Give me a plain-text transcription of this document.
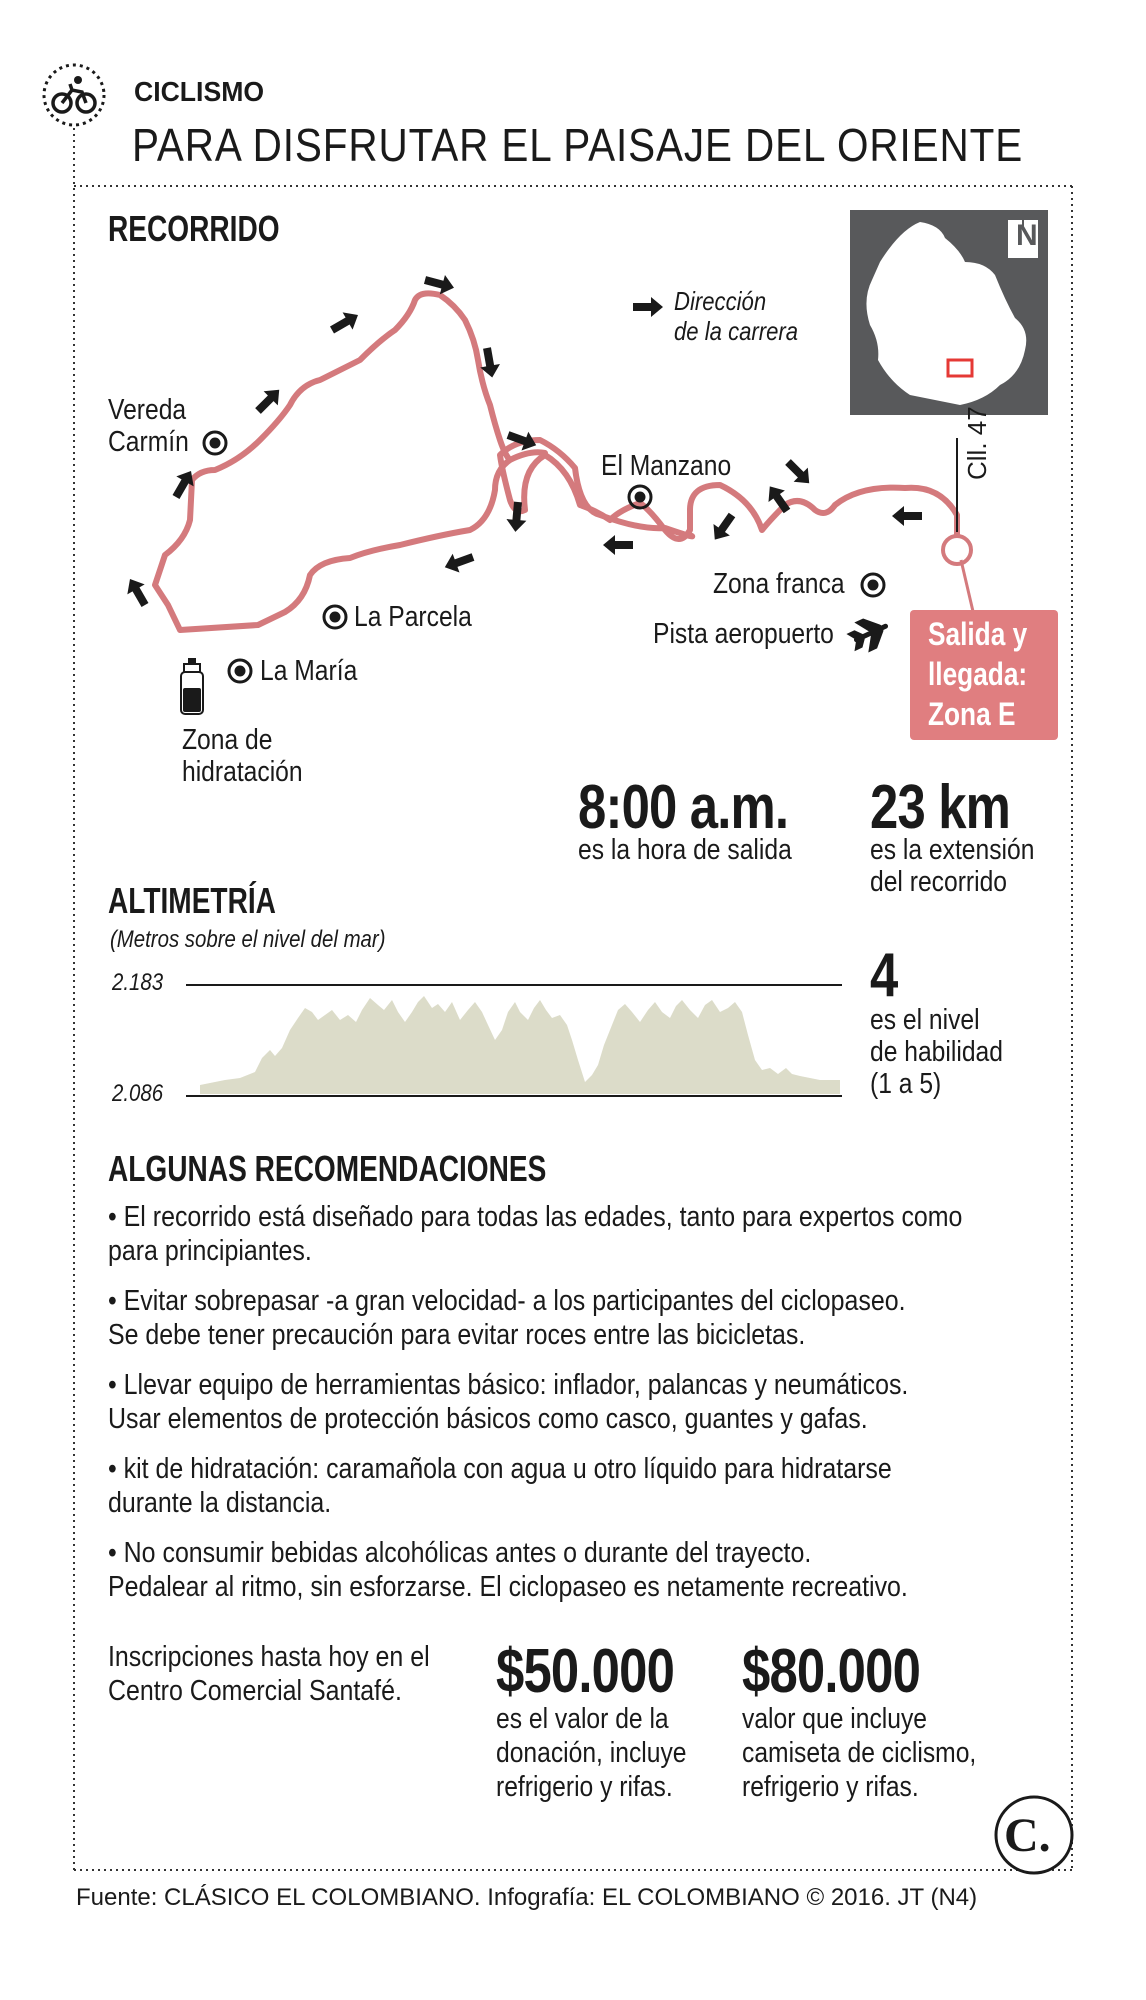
CICLISMO
PARA DISFRUTAR EL PAISAJE DEL ORIENTE
RECORRIDO
Dirección
de la carrera
N
Cll. 47
Vereda
Carmín
El Manzano
Zona franca
Pista aeropuerto
La Parcela
La María
Zona de
hidratación
Salida y
llegada:
Zona E
8:00 a.m.
es la hora de salida
23 km
es la extensión
del recorrido
ALTIMETRÍA
(Metros sobre el nivel del mar)
2.183
2.086
4
es el nivel
de habilidad
(1 a 5)
ALGUNAS RECOMENDACIONES
• El recorrido está diseñado para todas las edades, tanto para expertos como
para principiantes.
• Evitar sobrepasar -a gran velocidad- a los participantes del ciclopaseo.
Se debe tener precaución para evitar roces entre las bicicletas.
• Llevar equipo de herramientas básico: inflador, palancas y neumáticos.
Usar elementos de protección básicos como casco, guantes y gafas.
• kit de hidratación: caramañola con agua u otro líquido para hidratarse
durante la distancia.
• No consumir bebidas alcohólicas antes o durante del trayecto.
Pedalear al ritmo, sin esforzarse. El ciclopaseo es netamente recreativo.
Inscripciones hasta hoy en el
Centro Comercial Santafé.	$50.000
es el valor de la
donación, incluye
refrigerio y rifas.
$80.000
valor que incluye
camiseta de ciclismo,
refrigerio y rifas.
C.
Fuente: CLÁSICO EL COLOMBIANO. Infografía: EL COLOMBIANO © 2016. JT (N4)
